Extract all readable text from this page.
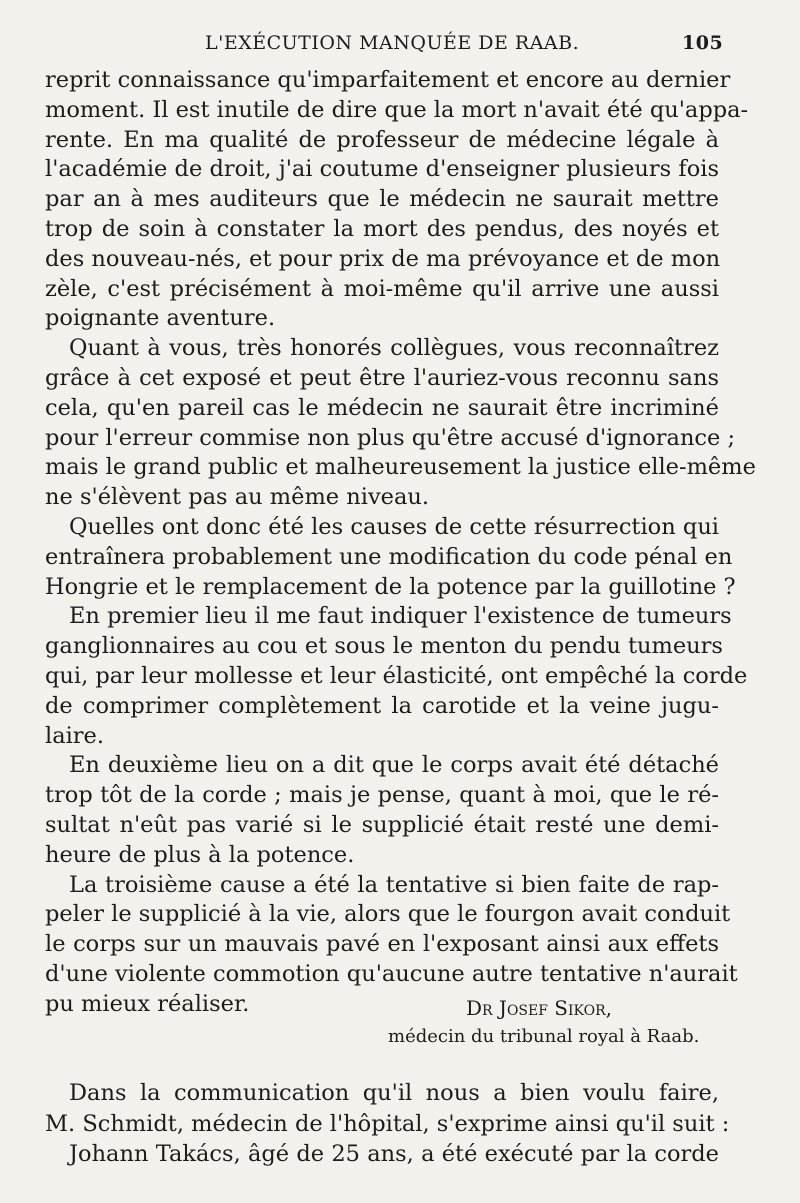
L'EXÉCUTION MANQUÉE DE RAAB.	105
reprit connaissance qu'imparfaitement et encore au dernier
moment. Il est inutile de dire que la mort n'avait été qu'appa-
rente. En ma qualité de professeur de médecine légale à
l'académie de droit, j'ai coutume d'enseigner plusieurs fois
par an à mes auditeurs que le médecin ne saurait mettre
trop de soin à constater la mort des pendus, des noyés et
des nouveau-nés, et pour prix de ma prévoyance et de mon
zèle, c'est précisément à moi-même qu'il arrive une aussi
poignante aventure.
Quant à vous, très honorés collègues, vous reconnaîtrez
grâce à cet exposé et peut être l'auriez-vous reconnu sans
cela, qu'en pareil cas le médecin ne saurait être incriminé
pour l'erreur commise non plus qu'être accusé d'ignorance ;
mais le grand public et malheureusement la justice elle-même
ne s'élèvent pas au même niveau.
Quelles ont donc été les causes de cette résurrection qui
entraînera probablement une modification du code pénal en
Hongrie et le remplacement de la potence par la guillotine ?
En premier lieu il me faut indiquer l'existence de tumeurs
ganglionnaires au cou et sous le menton du pendu tumeurs
qui, par leur mollesse et leur élasticité, ont empêché la corde
de comprimer complètement la carotide et la veine jugu-
laire.
En deuxième lieu on a dit que le corps avait été détaché
trop tôt de la corde ; mais je pense, quant à moi, que le ré-
sultat n'eût pas varié si le supplicié était resté une demi-
heure de plus à la potence.
La troisième cause a été la tentative si bien faite de rap-
peler le supplicié à la vie, alors que le fourgon avait conduit
le corps sur un mauvais pavé en l'exposant ainsi aux effets
d'une violente commotion qu'aucune autre tentative n'aurait
pu mieux réaliser.	Dr Josef Sikor,
médecin du tribunal royal à Raab.
Dans la communication qu'il nous a bien voulu faire,
M. Schmidt, médecin de l'hôpital, s'exprime ainsi qu'il suit :
Johann Takács, âgé de 25 ans, a été exécuté par la corde
